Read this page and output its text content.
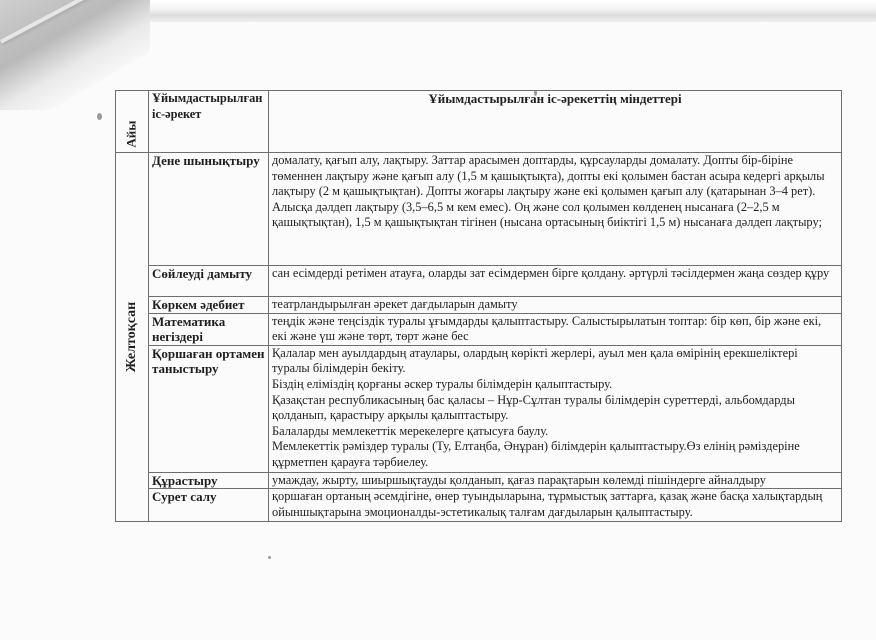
Айы	Ұйымдастырылған іс-әрекет	Ұйымдастырылған іс-әрекеттің міндеттері

Желтоқсан	Дене шынықтыру	домалату, қағып алу, лақтыру. Заттар арасымен доптарды, құрсауларды домалату. Допты бір-біріне төменнен лақтыру және қағып алу (1,5 м қашықтықта), допты екі қолымен бастан асыра кедергі арқылы лақтыру (2 м қашықтықтан). Допты жоғары лақтыру және екі қолымен қағып алу (қатарынан 3–4 рет). Алысқа дәлдеп лақтыру (3,5–6,5 м кем емес). Оң және сол қолымен көлденең нысанаға (2–2,5 м қашықтықтан), 1,5 м қашықтықтан тігінен (нысана ортасының биіктігі 1,5 м) нысанаға дәлдеп лақтыру;
	Сөйлеуді дамыту	сан есімдерді ретімен атауға, оларды зат есімдермен бірге қолдану. әртүрлі тәсілдермен жаңа сөздер құру
	Көркем әдебиет	театрландырылған әрекет дағдыларын дамыту
	Математика негіздері	теңдік және теңсіздік туралы ұғымдарды қалыптастыру. Салыстырылатын топтар: бір көп, бір және екі, екі және үш және төрт, төрт және бес
	Қоршаған ортамен таныстыру	Қалалар мен ауылдардың атаулары, олардың көрікті жерлері, ауыл мен қала өмірінің ерекшеліктері туралы білімдерін бекіту.
Біздің еліміздің қорғаны әскер туралы білімдерін қалыптастыру.
Қазақстан республикасының бас қаласы – Нұр-Сұлтан туралы білімдерін суреттерді, альбомдарды қолданып, қарастыру арқылы қалыптастыру.
Балаларды мемлекеттік мерекелерге қатысуға баулу.
Мемлекеттік рәміздер туралы (Ту, Елтаңба, Әнұран) білімдерін қалыптастыру.Өз елінің рәміздеріне құрметпен қарауға тәрбиелеу.

	Құрастыру	умаждау, жырту, шиыршықтауды қолданып, қағаз парақтарын көлемді пішіндерге айналдыру
	Сурет салу	қоршаған ортаның әсемдігіне, өнер туындыларына, тұрмыстық заттарға, қазақ және басқа халықтардың ойыншықтарына эмоционалды-эстетикалық талғам дағдыларын қалыптастыру.
